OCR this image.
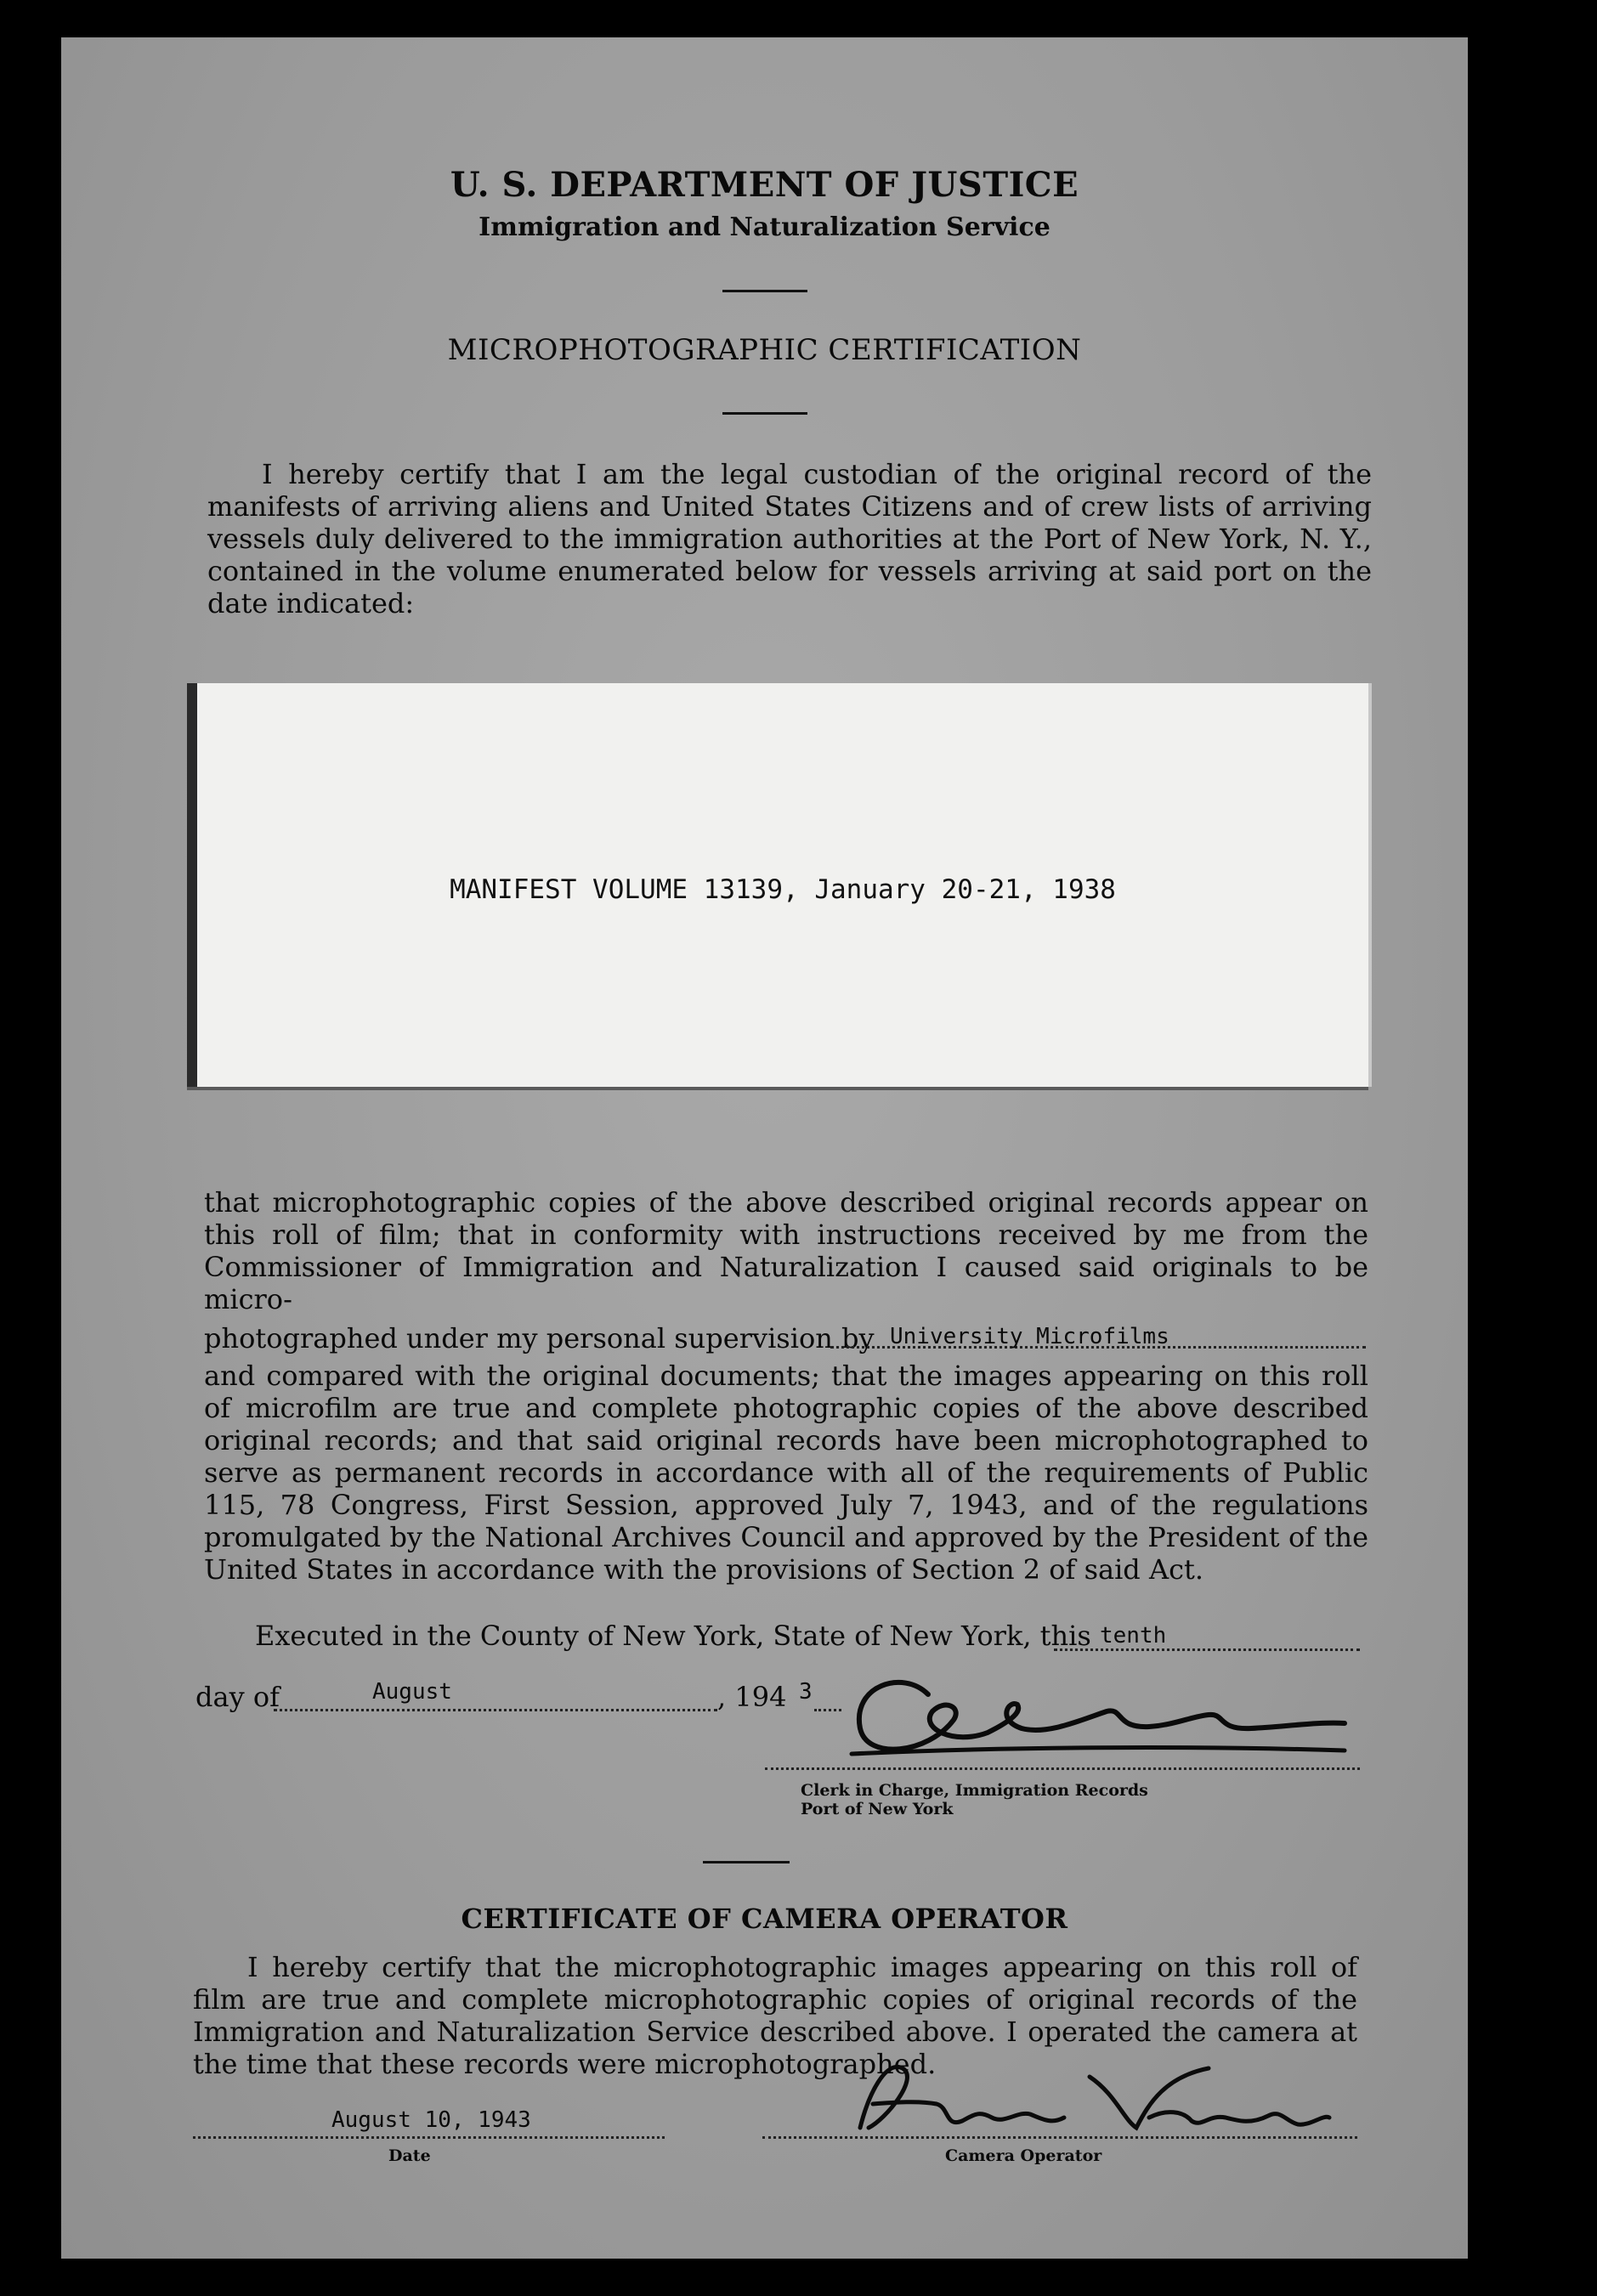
U. S. DEPARTMENT OF JUSTICE
Immigration and Naturalization Service
MICROPHOTOGRAPHIC CERTIFICATION
I hereby certify that I am the legal custodian of the original record of the manifests of arriving aliens and United States Citizens and of crew lists of arriving vessels duly delivered to the immigration authorities at the Port of New York, N. Y., contained in the volume enumerated below for vessels arriving at said port on the date indicated:
MANIFEST VOLUME 13139, January 20-21, 1938
that microphotographic copies of the above described original records appear on this roll of film; that in conformity with instructions received by me from the Commissioner of Immigration and Naturalization I caused said originals to be micro-
photographed under my personal supervision by University Microfilms
and compared with the original documents; that the images appearing on this roll of microfilm are true and complete photographic copies of the above described original records; and that said original records have been microphotographed to serve as permanent records in accordance with all of the requirements of Public 115, 78 Congress, First Session, approved July 7, 1943, and of the regulations promulgated by the National Archives Council and approved by the President of the United States in accordance with the provisions of Section 2 of said Act.
Executed in the County of New York, State of New York, this tenth
day of	August	, 194 3
Clerk in Charge, Immigration Records
Port of New York
CERTIFICATE OF CAMERA OPERATOR
I hereby certify that the microphotographic images appearing on this roll of film are true and complete microphotographic copies of original records of the Immigration and Naturalization Service described above. I operated the camera at the time that these records were microphotographed.
August 10, 1943
Date	Camera Operator
